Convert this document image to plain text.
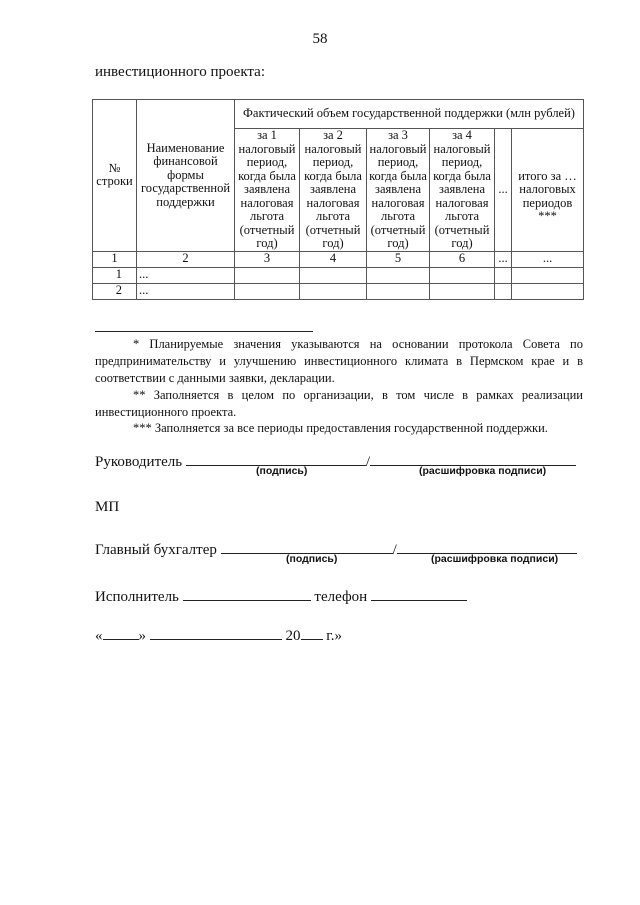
58
инвестиционного проекта:
№ строки	Наименование финансовой формы государственной поддержки	Фактический объем государственной поддержки (млн рублей)					
		за 1 налоговый период, когда была заявлена налоговая льгота (отчетный год)	за 2 налоговый период, когда была заявлена налоговая льгота (отчетный год)	за 3 налоговый период, когда была заявлена налоговая льгота (отчетный год)	за 4 налоговый период, когда была заявлена налоговая льгота (отчетный год)	...	итого за … налоговых периодов ***
1	2	3	4	5	6	...	...
1	...						
2	...						

* Планируемые значения указываются на основании протокола Совета по предпринимательству и улучшению инвестиционного климата в Пермском крае и в соответствии с данными заявки, декларации.

** Заполняется в целом по организации, в том числе в рамках реализации инвестиционного проекта.

*** Заполняется за все периоды предоставления государственной поддержки.

Руководитель	/
(подпись)	(расшифровка подписи)
МП
Главный бухгалтер	/
(подпись)	(расшифровка подписи)
Исполнитель	телефон
« »	20 г.»
